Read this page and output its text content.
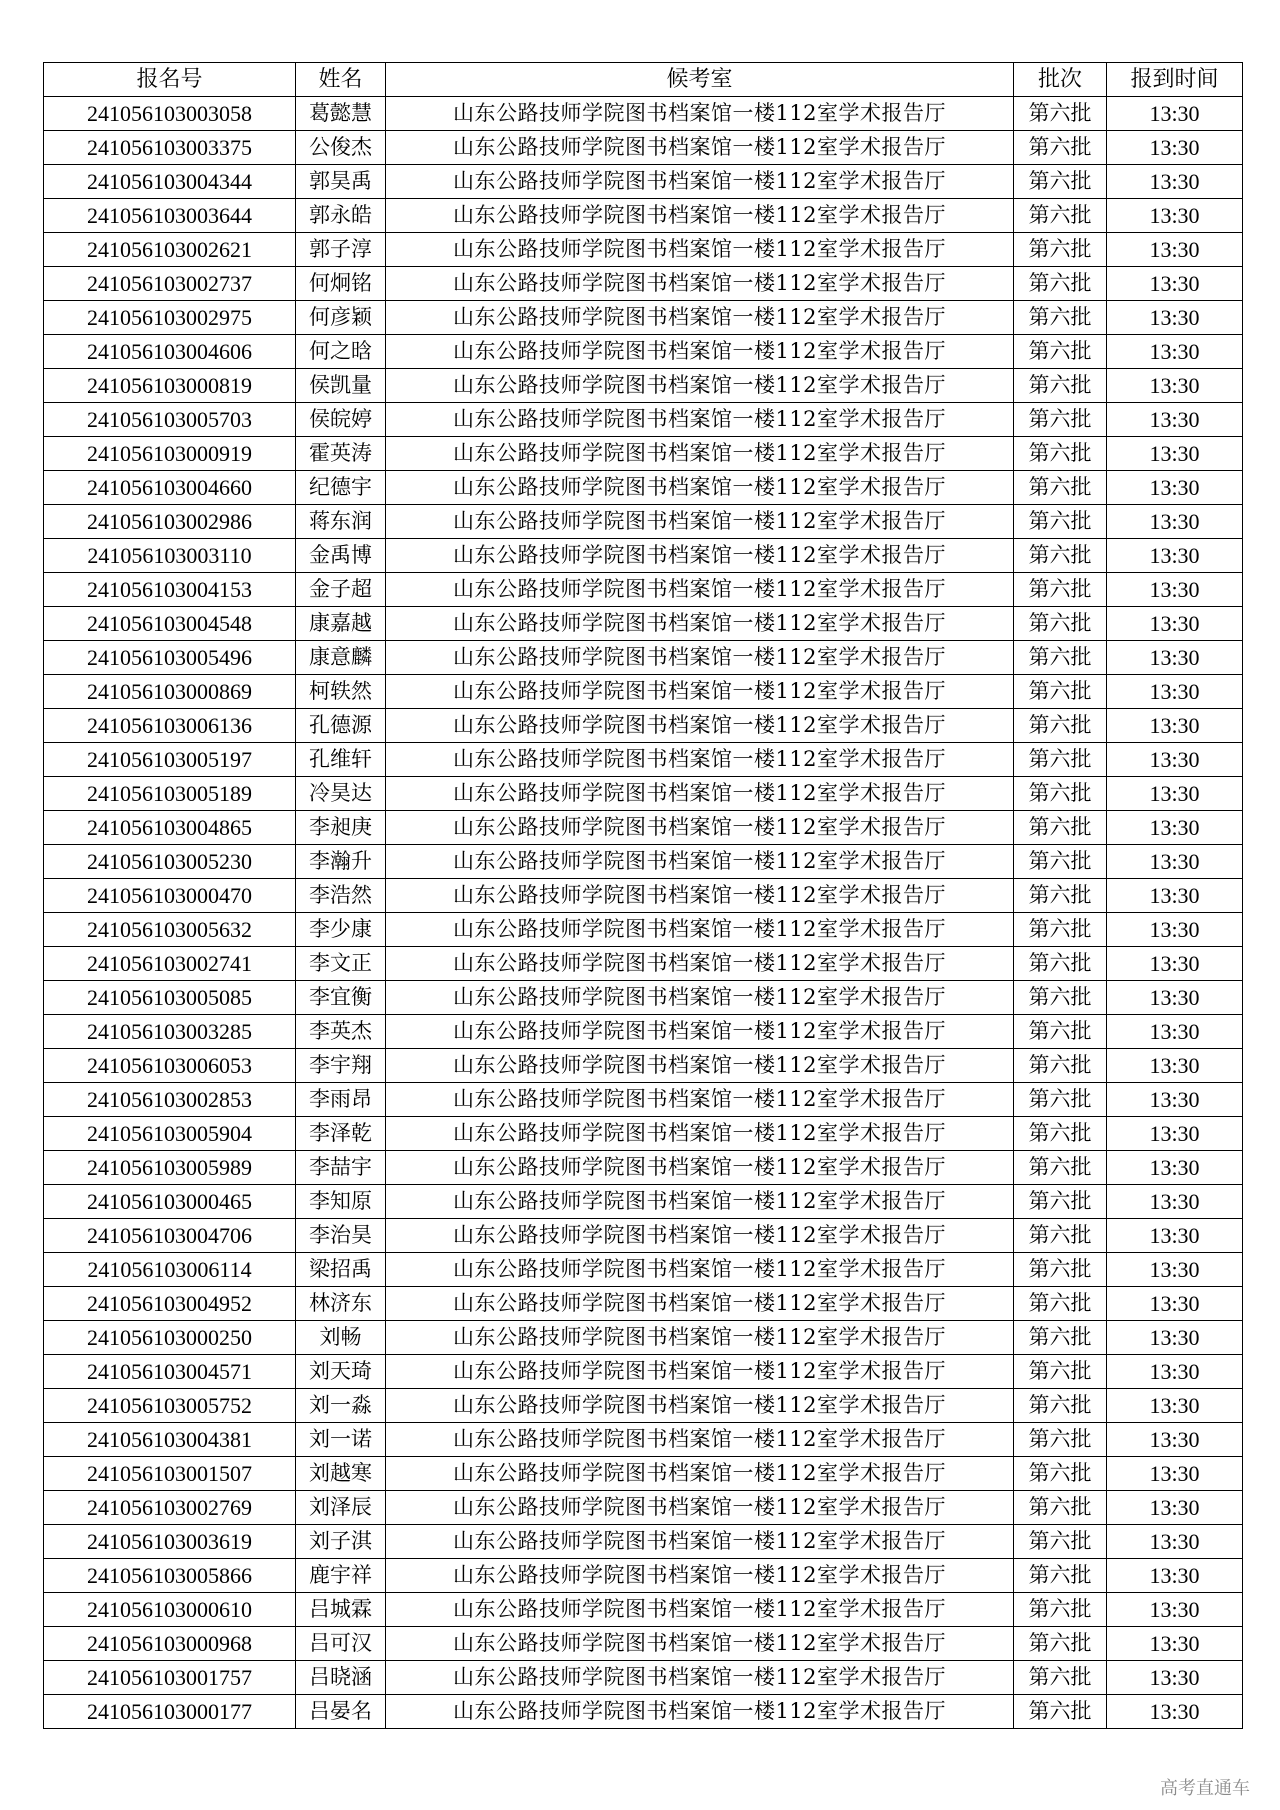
报名号	姓名	候考室	批次	报到时间
241056103003058	葛懿慧	山东公路技师学院图书档案馆一楼112室学术报告厅	第六批	13:30
241056103003375	公俊杰	山东公路技师学院图书档案馆一楼112室学术报告厅	第六批	13:30
241056103004344	郭昊禹	山东公路技师学院图书档案馆一楼112室学术报告厅	第六批	13:30
241056103003644	郭永皓	山东公路技师学院图书档案馆一楼112室学术报告厅	第六批	13:30
241056103002621	郭子淳	山东公路技师学院图书档案馆一楼112室学术报告厅	第六批	13:30
241056103002737	何炯铭	山东公路技师学院图书档案馆一楼112室学术报告厅	第六批	13:30
241056103002975	何彦颖	山东公路技师学院图书档案馆一楼112室学术报告厅	第六批	13:30
241056103004606	何之晗	山东公路技师学院图书档案馆一楼112室学术报告厅	第六批	13:30
241056103000819	侯凯量	山东公路技师学院图书档案馆一楼112室学术报告厅	第六批	13:30
241056103005703	侯皖婷	山东公路技师学院图书档案馆一楼112室学术报告厅	第六批	13:30
241056103000919	霍英涛	山东公路技师学院图书档案馆一楼112室学术报告厅	第六批	13:30
241056103004660	纪德宇	山东公路技师学院图书档案馆一楼112室学术报告厅	第六批	13:30
241056103002986	蒋东润	山东公路技师学院图书档案馆一楼112室学术报告厅	第六批	13:30
241056103003110	金禹博	山东公路技师学院图书档案馆一楼112室学术报告厅	第六批	13:30
241056103004153	金子超	山东公路技师学院图书档案馆一楼112室学术报告厅	第六批	13:30
241056103004548	康嘉越	山东公路技师学院图书档案馆一楼112室学术报告厅	第六批	13:30
241056103005496	康意麟	山东公路技师学院图书档案馆一楼112室学术报告厅	第六批	13:30
241056103000869	柯轶然	山东公路技师学院图书档案馆一楼112室学术报告厅	第六批	13:30
241056103006136	孔德源	山东公路技师学院图书档案馆一楼112室学术报告厅	第六批	13:30
241056103005197	孔维轩	山东公路技师学院图书档案馆一楼112室学术报告厅	第六批	13:30
241056103005189	冷昊达	山东公路技师学院图书档案馆一楼112室学术报告厅	第六批	13:30
241056103004865	李昶庚	山东公路技师学院图书档案馆一楼112室学术报告厅	第六批	13:30
241056103005230	李瀚升	山东公路技师学院图书档案馆一楼112室学术报告厅	第六批	13:30
241056103000470	李浩然	山东公路技师学院图书档案馆一楼112室学术报告厅	第六批	13:30
241056103005632	李少康	山东公路技师学院图书档案馆一楼112室学术报告厅	第六批	13:30
241056103002741	李文正	山东公路技师学院图书档案馆一楼112室学术报告厅	第六批	13:30
241056103005085	李宜衡	山东公路技师学院图书档案馆一楼112室学术报告厅	第六批	13:30
241056103003285	李英杰	山东公路技师学院图书档案馆一楼112室学术报告厅	第六批	13:30
241056103006053	李宇翔	山东公路技师学院图书档案馆一楼112室学术报告厅	第六批	13:30
241056103002853	李雨昂	山东公路技师学院图书档案馆一楼112室学术报告厅	第六批	13:30
241056103005904	李泽乾	山东公路技师学院图书档案馆一楼112室学术报告厅	第六批	13:30
241056103005989	李喆宇	山东公路技师学院图书档案馆一楼112室学术报告厅	第六批	13:30
241056103000465	李知原	山东公路技师学院图书档案馆一楼112室学术报告厅	第六批	13:30
241056103004706	李治昊	山东公路技师学院图书档案馆一楼112室学术报告厅	第六批	13:30
241056103006114	梁招禹	山东公路技师学院图书档案馆一楼112室学术报告厅	第六批	13:30
241056103004952	林济东	山东公路技师学院图书档案馆一楼112室学术报告厅	第六批	13:30
241056103000250	刘畅	山东公路技师学院图书档案馆一楼112室学术报告厅	第六批	13:30
241056103004571	刘天琦	山东公路技师学院图书档案馆一楼112室学术报告厅	第六批	13:30
241056103005752	刘一淼	山东公路技师学院图书档案馆一楼112室学术报告厅	第六批	13:30
241056103004381	刘一诺	山东公路技师学院图书档案馆一楼112室学术报告厅	第六批	13:30
241056103001507	刘越寒	山东公路技师学院图书档案馆一楼112室学术报告厅	第六批	13:30
241056103002769	刘泽辰	山东公路技师学院图书档案馆一楼112室学术报告厅	第六批	13:30
241056103003619	刘子淇	山东公路技师学院图书档案馆一楼112室学术报告厅	第六批	13:30
241056103005866	鹿宇祥	山东公路技师学院图书档案馆一楼112室学术报告厅	第六批	13:30
241056103000610	吕城霖	山东公路技师学院图书档案馆一楼112室学术报告厅	第六批	13:30
241056103000968	吕可汉	山东公路技师学院图书档案馆一楼112室学术报告厅	第六批	13:30
241056103001757	吕晓涵	山东公路技师学院图书档案馆一楼112室学术报告厅	第六批	13:30
241056103000177	吕晏名	山东公路技师学院图书档案馆一楼112室学术报告厅	第六批	13:30
高考直通车
